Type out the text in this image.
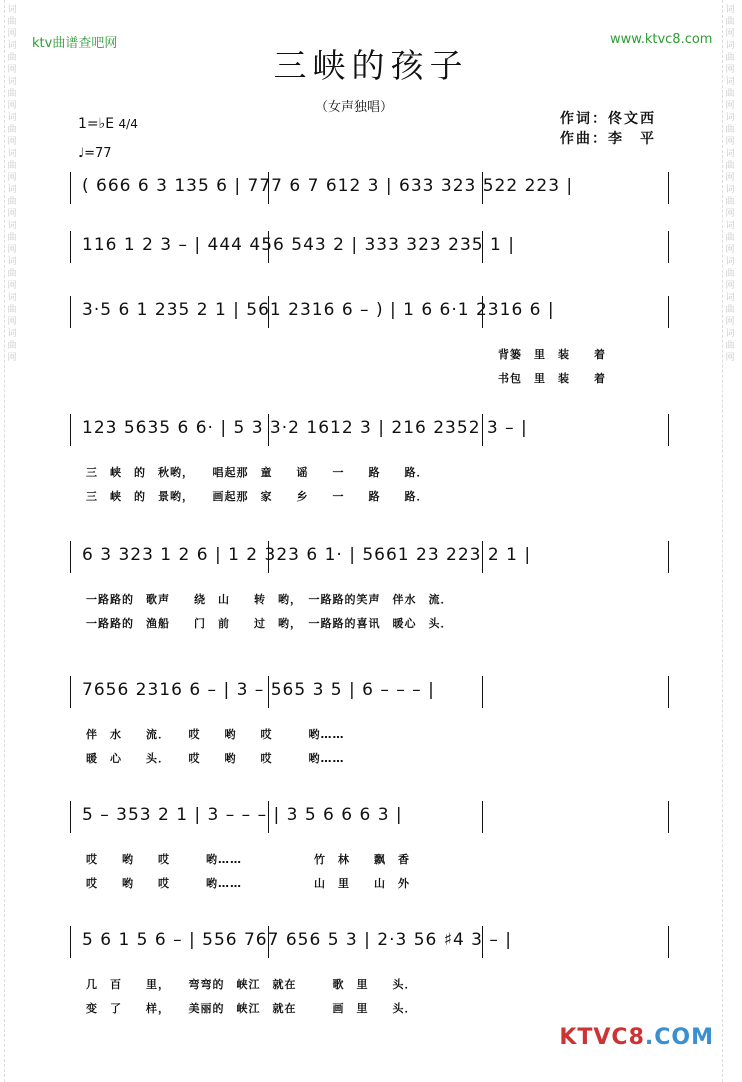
词
曲
网
词
曲
网
词
曲
网
词
曲
网
词
曲
网
词
曲
网
词
曲
网
词
曲
网
词
曲
网
词
曲
网
词
曲
网
词
曲
网
词
曲
网
词
曲
网
词
曲
网
词
曲
网
词
曲
网
词
曲
网
词
曲
网
词
曲
网
ktv曲谱查吧网	www.ktvc8.com
三峡的孩子
（女声独唱）
作词：佟文西
作曲：李　平
1=♭E 4/4
♩=77
( 666 6 3 135 6 | 777 6 7 612 3 | 633 323 522 223 |
116 1 2 3 – | 444 456 543 2 | 333 323 235 1 |
3·5 6 1 235 2 1 | 561 2316 6 – ) | 1 6 6·1 2316 6 |
背篓　里　装　　着
书包　里　装　　着
123 5635 6 6· | 5 3 3·2 1612 3 | 216 2352 3 – |
三　峡　的　秋哟，　　唱起那　童　　谣　　一　　路　　路．
三　峡　的　景哟，　　画起那　家　　乡　　一　　路　　路．
6 3 323 1 2 6 | 1 2 323 6 1· | 5661 23 223 2 1 |
一路路的　歌声　　绕　山　　转　哟，　一路路的笑声　伴水　流．
一路路的　渔船　　门　前　　过　哟，　一路路的喜讯　暖心　头．
7656 2316 6 – | 3 – 565 3 5 | 6 – – – |
伴　水　　流．　　哎　　哟　　哎　　　哟……
暖　心　　头．　　哎　　哟　　哎　　　哟……
5 – 353 2 1 | 3 – – – | 3 5 6 6 6 3 |
哎　　哟　　哎　　　哟……　　　　　　竹　林　　飘　香
哎　　哟　　哎　　　哟……　　　　　　山　里　　山　外
5 6 1 5 6 – | 556 767 656 5 3 | 2·3 56 ♯4 3 – |
几　百　　里，　　弯弯的　峡江　就在　　　歌　里　　头．
变　了　　样，　　美丽的　峡江　就在　　　画　里　　头．
KTVC8.COM
